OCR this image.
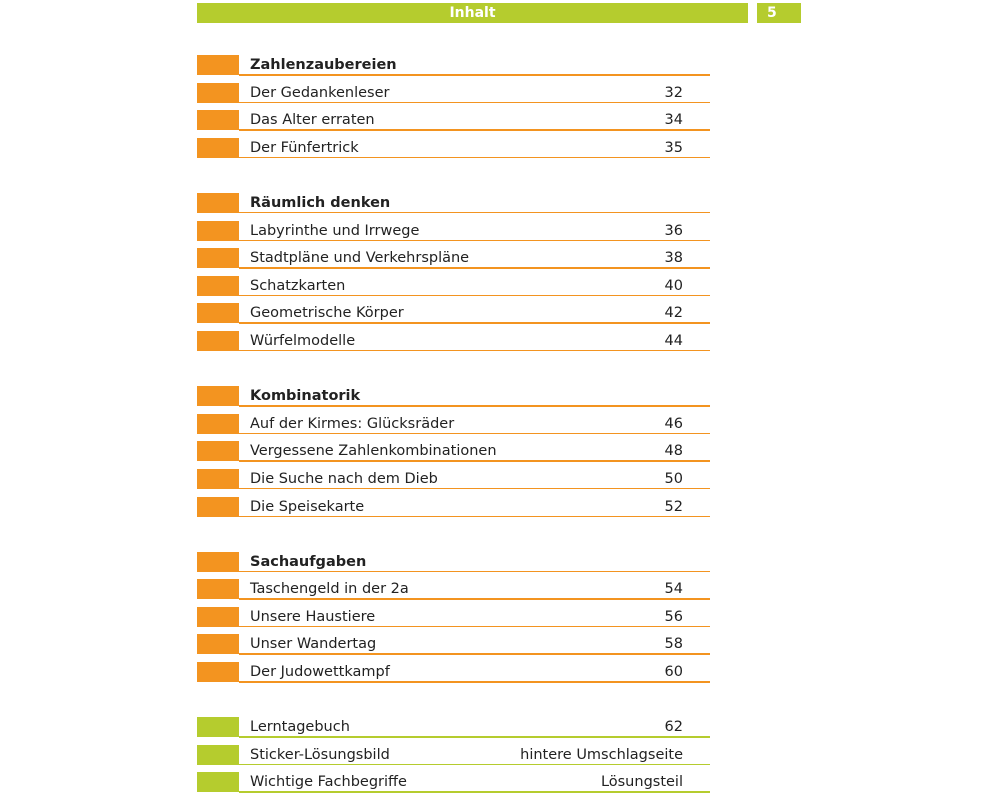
Inhalt	5
Zahlenzaubereien
Der Gedankenleser	32
Das Alter erraten	34
Der Fünfertrick	35
Räumlich denken
Labyrinthe und Irrwege	36
Stadtpläne und Verkehrspläne	38
Schatzkarten	40
Geometrische Körper	42
Würfelmodelle	44
Kombinatorik
Auf der Kirmes: Glücksräder	46
Vergessene Zahlenkombinationen	48
Die Suche nach dem Dieb	50
Die Speisekarte	52
Sachaufgaben
Taschengeld in der 2a	54
Unsere Haustiere	56
Unser Wandertag	58
Der Judowettkampf	60
Lerntagebuch	62
Sticker-Lösungsbild	hintere Umschlagseite
Wichtige Fachbegriffe	Lösungsteil
